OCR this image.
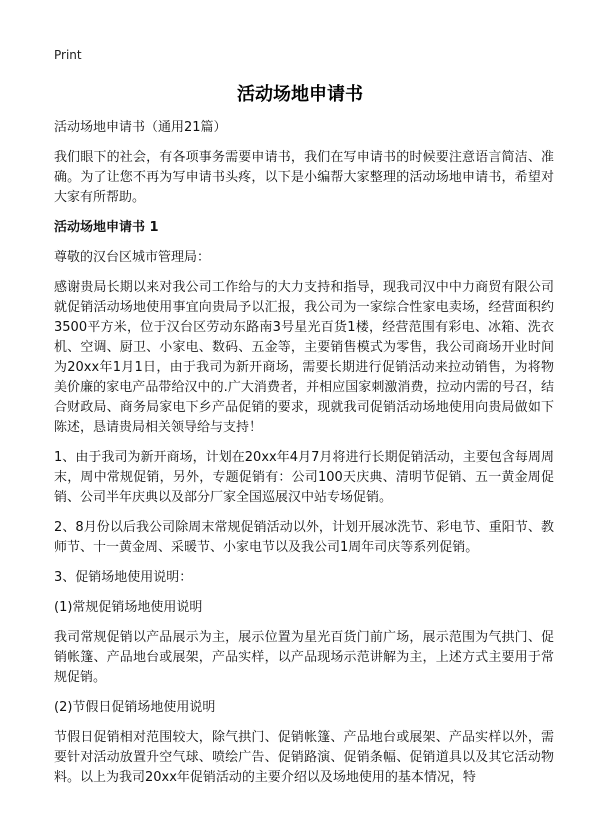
Print
活动场地申请书

活动场地申请书（通用21篇）

我们眼下的社会，有各项事务需要申请书，我们在写申请书的时候要注意语言简洁、准确。为了让您不再为写申请书头疼，以下是小编帮大家整理的活动场地申请书，希望对大家有所帮助。

活动场地申请书 1

尊敬的汉台区城市管理局：

感谢贵局长期以来对我公司工作给与的大力支持和指导，现我司汉中中力商贸有限公司就促销活动场地使用事宜向贵局予以汇报，我公司为一家综合性家电卖场，经营面积约3500平方米，位于汉台区劳动东路南3号星光百货1楼，经营范围有彩电、冰箱、洗衣机、空调、厨卫、小家电、数码、五金等，主要销售模式为零售，我公司商场开业时间为20xx年1月1日，由于我司为新开商场，需要长期进行促销活动来拉动销售，为将物美价廉的家电产品带给汉中的.广大消费者，并相应国家刺激消费，拉动内需的号召，结合财政局、商务局家电下乡产品促销的要求，现就我司促销活动场地使用向贵局做如下陈述，恳请贵局相关领导给与支持！

1、由于我司为新开商场，计划在20xx年4月7月将进行长期促销活动，主要包含每周周末，周中常规促销，另外，专题促销有：公司100天庆典、清明节促销、五一黄金周促销、公司半年庆典以及部分厂家全国巡展汉中站专场促销。

2、8月份以后我公司除周末常规促销活动以外，计划开展冰洗节、彩电节、重阳节、教师节、十一黄金周、采暖节、小家电节以及我公司1周年司庆等系列促销。

3、促销场地使用说明：

(1)常规促销场地使用说明

我司常规促销以产品展示为主，展示位置为星光百货门前广场，展示范围为气拱门、促销帐篷、产品地台或展架，产品实样，以产品现场示范讲解为主，上述方式主要用于常规促销。

(2)节假日促销场地使用说明

节假日促销相对范围较大，除气拱门、促销帐篷、产品地台或展架、产品实样以外，需要针对活动放置升空气球、喷绘广告、促销路演、促销条幅、促销道具以及其它活动物料。以上为我司20xx年促销活动的主要介绍以及场地使用的基本情况，特
